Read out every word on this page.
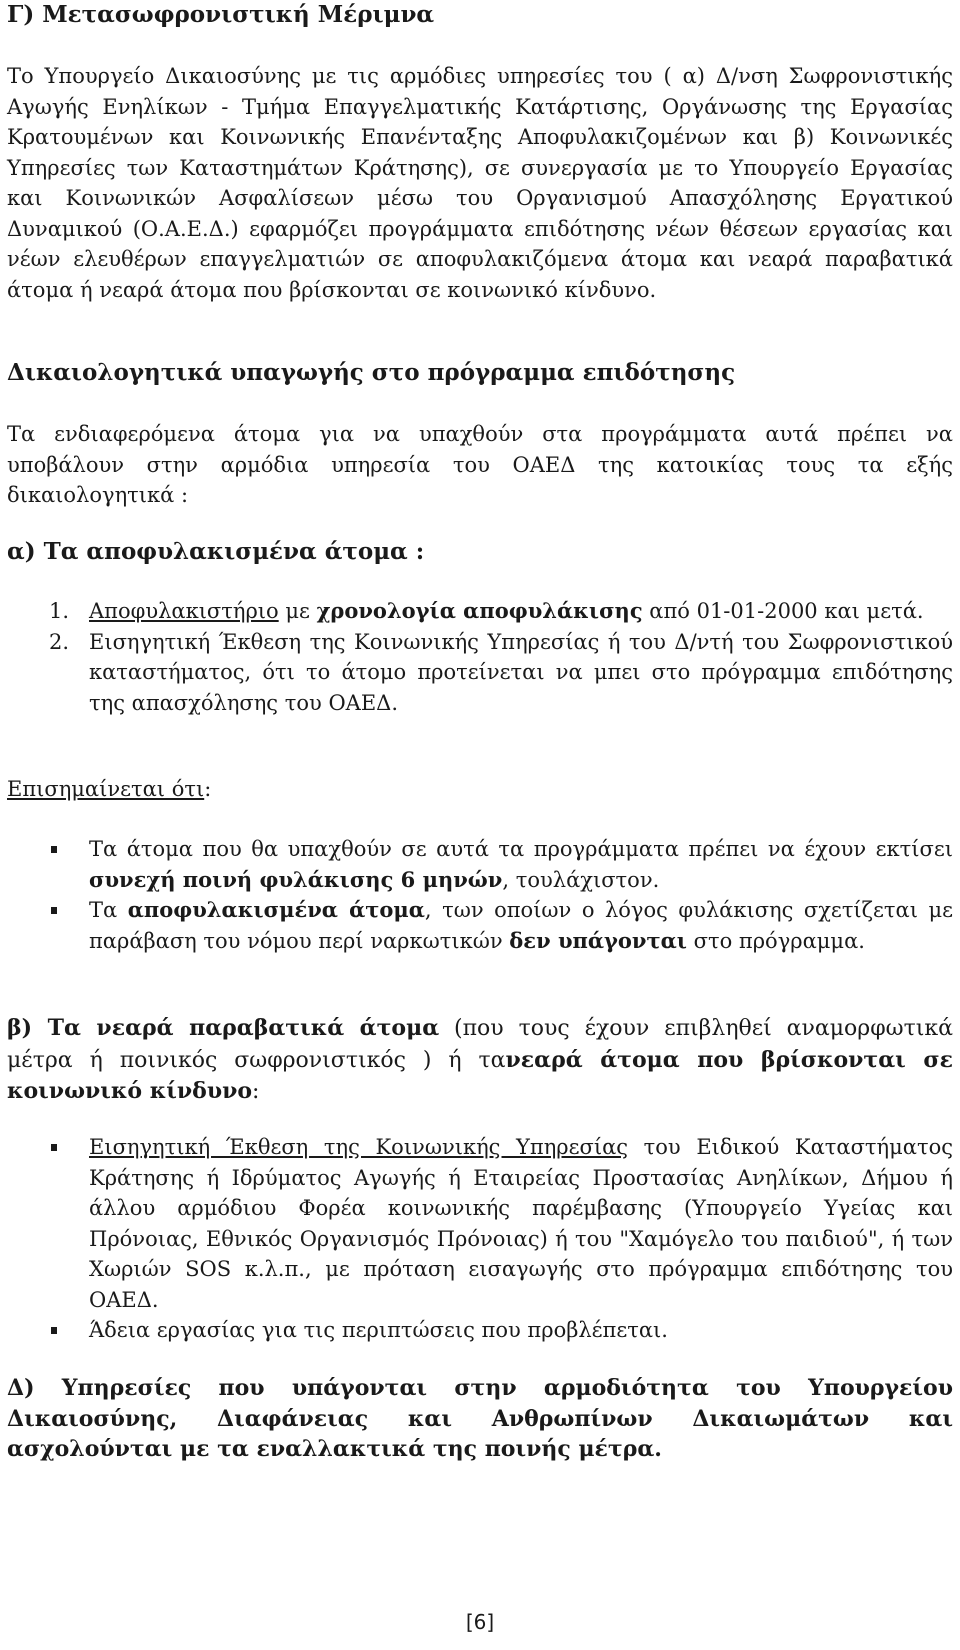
Γ) Μετασωφρονιστική Μέριμνα

Το Υπουργείο Δικαιοσύνης με τις αρμόδιες υπηρεσίες του ( α) Δ/νση Σωφρονιστικής Αγωγής Ενηλίκων - Τμήμα Επαγγελματικής Κατάρτισης, Οργάνωσης της Εργασίας Κρατουμένων και Κοινωνικής Επανένταξης Αποφυλακιζομένων και β) Κοινωνικές Υπηρεσίες των Καταστημάτων Κράτησης), σε συνεργασία με το Υπουργείο Εργασίας και Κοινωνικών Ασφαλίσεων μέσω του Οργανισμού Απασχόλησης Εργατικού Δυναμικού (Ο.Α.Ε.Δ.) εφαρμόζει προγράμματα επιδότησης νέων θέσεων εργασίας και νέων ελευθέρων επαγγελματιών σε αποφυλακιζόμενα άτομα και νεαρά παραβατικά άτομα ή νεαρά άτομα που βρίσκονται σε κοινωνικό κίνδυνο.

Δικαιολογητικά υπαγωγής στο πρόγραμμα επιδότησης

Τα ενδιαφερόμενα άτομα για να υπαχθούν στα προγράμματα αυτά πρέπει να υποβάλουν στην αρμόδια υπηρεσία του ΟΑΕΔ της κατοικίας τους τα εξής δικαιολογητικά :

α) Τα αποφυλακισμένα άτομα :
1. Αποφυλακιστήριο με χρονολογία αποφυλάκισης από 01-01-2000 και μετά.
2. Εισηγητική Έκθεση της Κοινωνικής Υπηρεσίας ή του Δ/ντή του Σωφρονιστικού καταστήματος, ότι το άτομο προτείνεται να μπει στο πρόγραμμα επιδότησης της απασχόλησης του ΟΑΕΔ.

Επισημαίνεται ότι:

Τα άτομα που θα υπαχθούν σε αυτά τα προγράμματα πρέπει να έχουν εκτίσει συνεχή ποινή φυλάκισης 6 μηνών, τουλάχιστον.
Τα αποφυλακισμένα άτομα, των οποίων ο λόγος φυλάκισης σχετίζεται με παράβαση του νόμου περί ναρκωτικών δεν υπάγονται στο πρόγραμμα.

β) Τα νεαρά παραβατικά άτομα (που τους έχουν επιβληθεί αναμορφωτικά μέτρα ή ποινικός σωφρονιστικός ) ή τανεαρά άτομα που βρίσκονται σε κοινωνικό κίνδυνο:

Εισηγητική Έκθεση της Κοινωνικής Υπηρεσίας του Ειδικού Καταστήματος Κράτησης ή Ιδρύματος Αγωγής ή Εταιρείας Προστασίας Ανηλίκων, Δήμου ή άλλου αρμόδιου Φορέα κοινωνικής παρέμβασης (Υπουργείο Υγείας και Πρόνοιας, Εθνικός Οργανισμός Πρόνοιας) ή του "Χαμόγελο του παιδιού", ή των Χωριών SOS κ.λ.π., με πρόταση εισαγωγής στο πρόγραμμα επιδότησης του ΟΑΕΔ.
Άδεια εργασίας για τις περιπτώσεις που προβλέπεται.

Δ) Υπηρεσίες που υπάγονται στην αρμοδιότητα του Υπουργείου Δικαιοσύνης, Διαφάνειας και Ανθρωπίνων Δικαιωμάτων και ασχολούνται με τα εναλλακτικά της ποινής μέτρα.

[6]
